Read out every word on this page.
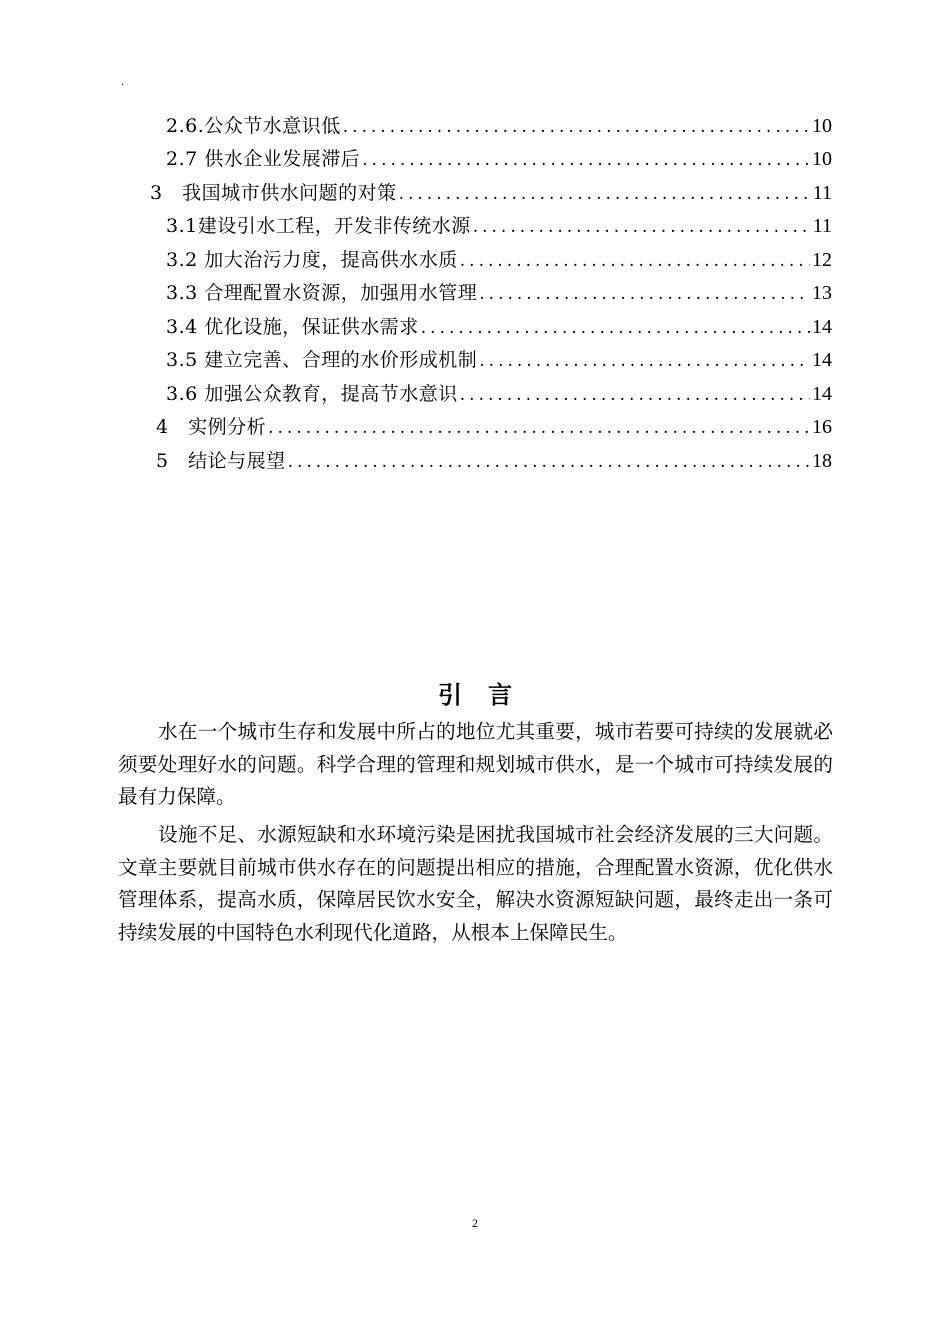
.
2.6.公众节水意识低 .....	10
2.7 供水企业发展滞后 .....	10
3　我国城市供水问题的对策 .....	11
3.1建设引水工程，开发非传统水源 .....	11
3.2 加大治污力度，提高供水水质 .....	12
3.3 合理配置水资源，加强用水管理 .....	13
3.4 优化设施，保证供水需求 .....	14
3.5 建立完善、合理的水价形成机制 .....	14
3.6 加强公众教育，提高节水意识 .....	14
4　实例分析 .....	16
5　结论与展望 .....	18
引言

水在一个城市生存和发展中所占的地位尤其重要，城市若要可持续的发展就必须要处理好水的问题。科学合理的管理和规划城市供水，是一个城市可持续发展的最有力保障。

设施不足、水源短缺和水环境污染是困扰我国城市社会经济发展的三大问题。文章主要就目前城市供水存在的问题提出相应的措施，合理配置水资源，优化供水管理体系，提高水质，保障居民饮水安全，解决水资源短缺问题，最终走出一条可持续发展的中国特色水利现代化道路，从根本上保障民生。

2
